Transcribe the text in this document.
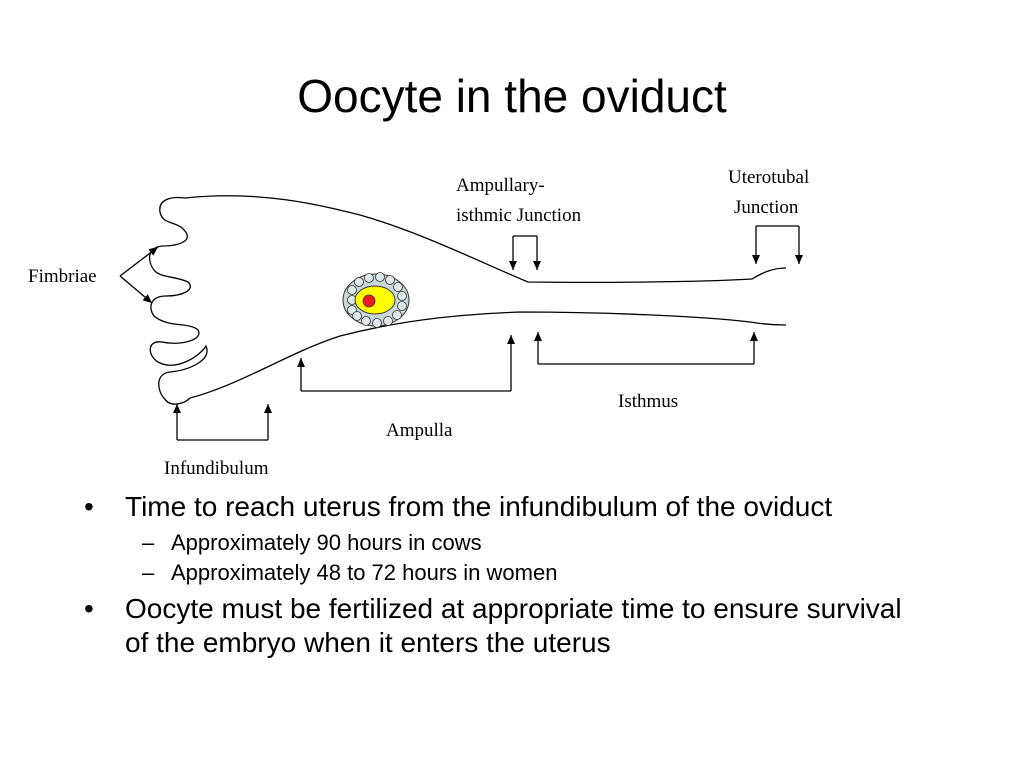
Oocyte in the oviduct
Fimbriae
Ampullary-
isthmic Junction
Uterotubal
Junction
Isthmus
Ampulla
Infundibulum
• Time to reach uterus from the infundibulum of the oviduct
– Approximately 90 hours in cows
– Approximately 48 to 72 hours in women
• Oocyte must be fertilized at appropriate time to ensure survival of the embryo when it enters the uterus
